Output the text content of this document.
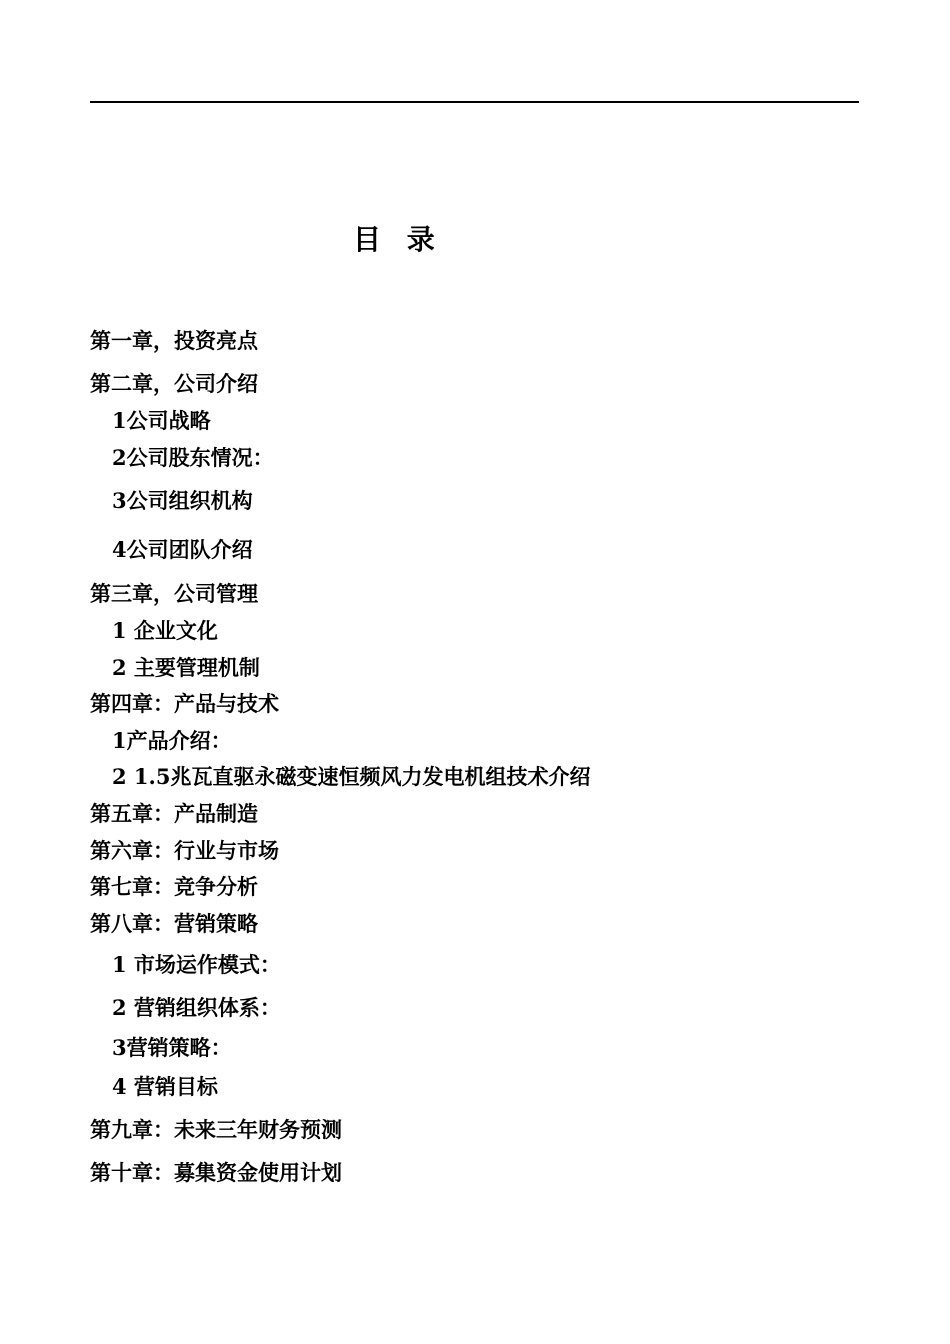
目 录
第一章，投资亮点
第二章，公司介绍
1公司战略
2公司股东情况：
3公司组织机构
4公司团队介绍
第三章，公司管理
1 企业文化
2 主要管理机制
第四章：产品与技术
1产品介绍：
2 1.5兆瓦直驱永磁变速恒频风力发电机组技术介绍
第五章：产品制造
第六章：行业与市场
第七章：竞争分析
第八章：营销策略
1 市场运作模式：
2 营销组织体系：
3营销策略：
4 营销目标
第九章：未来三年财务预测
第十章：募集资金使用计划
